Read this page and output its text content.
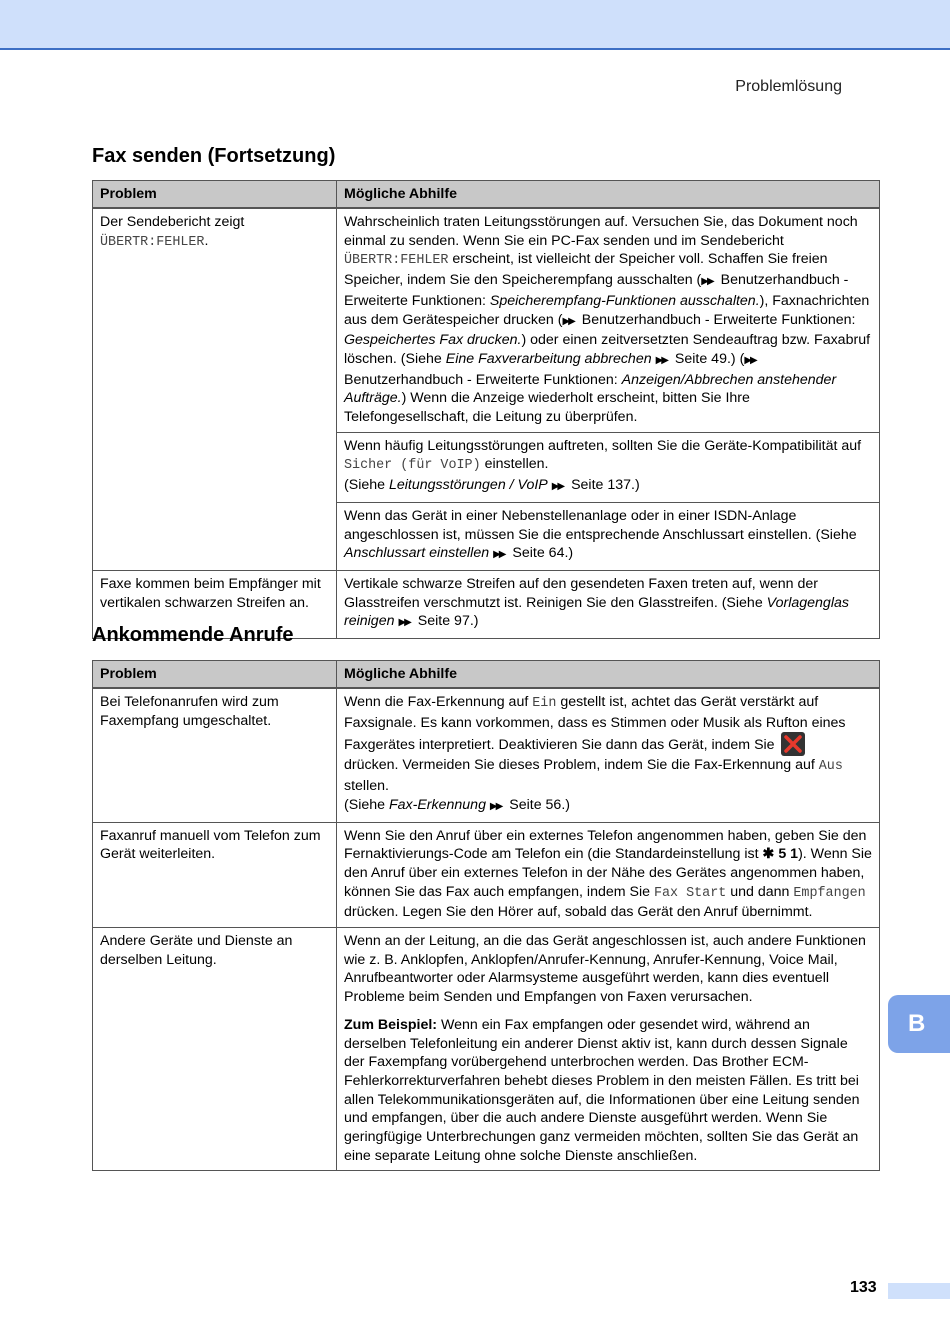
Problemlösung
Fax senden (Fortsetzung)
Problem	Mögliche Abhilfe
Der Sendebericht zeigt
ÜBERTR:FEHLER.	Wahrscheinlich traten Leitungsstörungen auf. Versuchen Sie, das Dokument noch einmal zu senden. Wenn Sie ein PC-Fax senden und im Sendebericht ÜBERTR:FEHLER erscheint, ist vielleicht der Speicher voll. Schaffen Sie freien Speicher, indem Sie den Speicherempfang ausschalten (▶▶ Benutzerhandbuch - Erweiterte Funktionen: Speicherempfang-Funktionen ausschalten.), Faxnachrichten aus dem Gerätespeicher drucken (▶▶ Benutzerhandbuch - Erweiterte Funktionen: Gespeichertes Fax drucken.) oder einen zeitversetzten Sendeauftrag bzw. Faxabruf löschen. (Siehe Eine Faxverarbeitung abbrechen ▶▶ Seite 49.) (▶▶ Benutzerhandbuch - Erweiterte Funktionen: Anzeigen/Abbrechen anstehender Aufträge.) Wenn die Anzeige wiederholt erscheint, bitten Sie Ihre Telefongesellschaft, die Leitung zu überprüfen.
	Wenn häufig Leitungsstörungen auftreten, sollten Sie die Geräte-Kompatibilität auf Sicher (für VoIP) einstellen.
(Siehe Leitungsstörungen / VoIP ▶▶ Seite 137.)
	Wenn das Gerät in einer Nebenstellenanlage oder in einer ISDN-Anlage angeschlossen ist, müssen Sie die entsprechende Anschlussart einstellen. (Siehe Anschlussart einstellen ▶▶ Seite 64.)
Faxe kommen beim Empfänger mit vertikalen schwarzen Streifen an.	Vertikale schwarze Streifen auf den gesendeten Faxen treten auf, wenn der Glasstreifen verschmutzt ist. Reinigen Sie den Glasstreifen. (Siehe Vorlagenglas reinigen ▶▶ Seite 97.)
Ankommende Anrufe
Problem	Mögliche Abhilfe
Bei Telefonanrufen wird zum Faxempfang umgeschaltet.	Wenn die Fax-Erkennung auf Ein gestellt ist, achtet das Gerät verstärkt auf Faxsignale. Es kann vorkommen, dass es Stimmen oder Musik als Rufton eines Faxgerätes interpretiert. Deaktivieren Sie dann das Gerät, indem Sie

drücken. Vermeiden Sie dieses Problem, indem Sie die Fax-Erkennung auf Aus
stellen.
(Siehe Fax-Erkennung ▶▶ Seite 56.)
Faxanruf manuell vom Telefon zum Gerät weiterleiten.	Wenn Sie den Anruf über ein externes Telefon angenommen haben, geben Sie den Fernaktivierungs-Code am Telefon ein (die Standardeinstellung ist ✱ 5 1). Wenn Sie den Anruf über ein externes Telefon in der Nähe des Gerätes angenommen haben, können Sie das Fax auch empfangen, indem Sie Fax Start und dann Empfangen drücken. Legen Sie den Hörer auf, sobald das Gerät den Anruf übernimmt.
Andere Geräte und Dienste an derselben Leitung.	Wenn an der Leitung, an die das Gerät angeschlossen ist, auch andere Funktionen wie z. B. Anklopfen, Anklopfen/Anrufer-Kennung, Anrufer-Kennung, Voice Mail, Anrufbeantworter oder Alarmsysteme ausgeführt werden, kann dies eventuell Probleme beim Senden und Empfangen von Faxen verursachen.
Zum Beispiel: Wenn ein Fax empfangen oder gesendet wird, während an derselben Telefonleitung ein anderer Dienst aktiv ist, kann durch dessen Signale der Faxempfang vorübergehend unterbrochen werden. Das Brother ECM-Fehlerkorrekturverfahren behebt dieses Problem in den meisten Fällen. Es tritt bei allen Telekommunikationsgeräten auf, die Informationen über eine Leitung senden und empfangen, über die auch andere Dienste ausgeführt werden. Wenn Sie geringfügige Unterbrechungen ganz vermeiden möchten, sollten Sie das Gerät an eine separate Leitung ohne solche Dienste anschließen.
B
133
